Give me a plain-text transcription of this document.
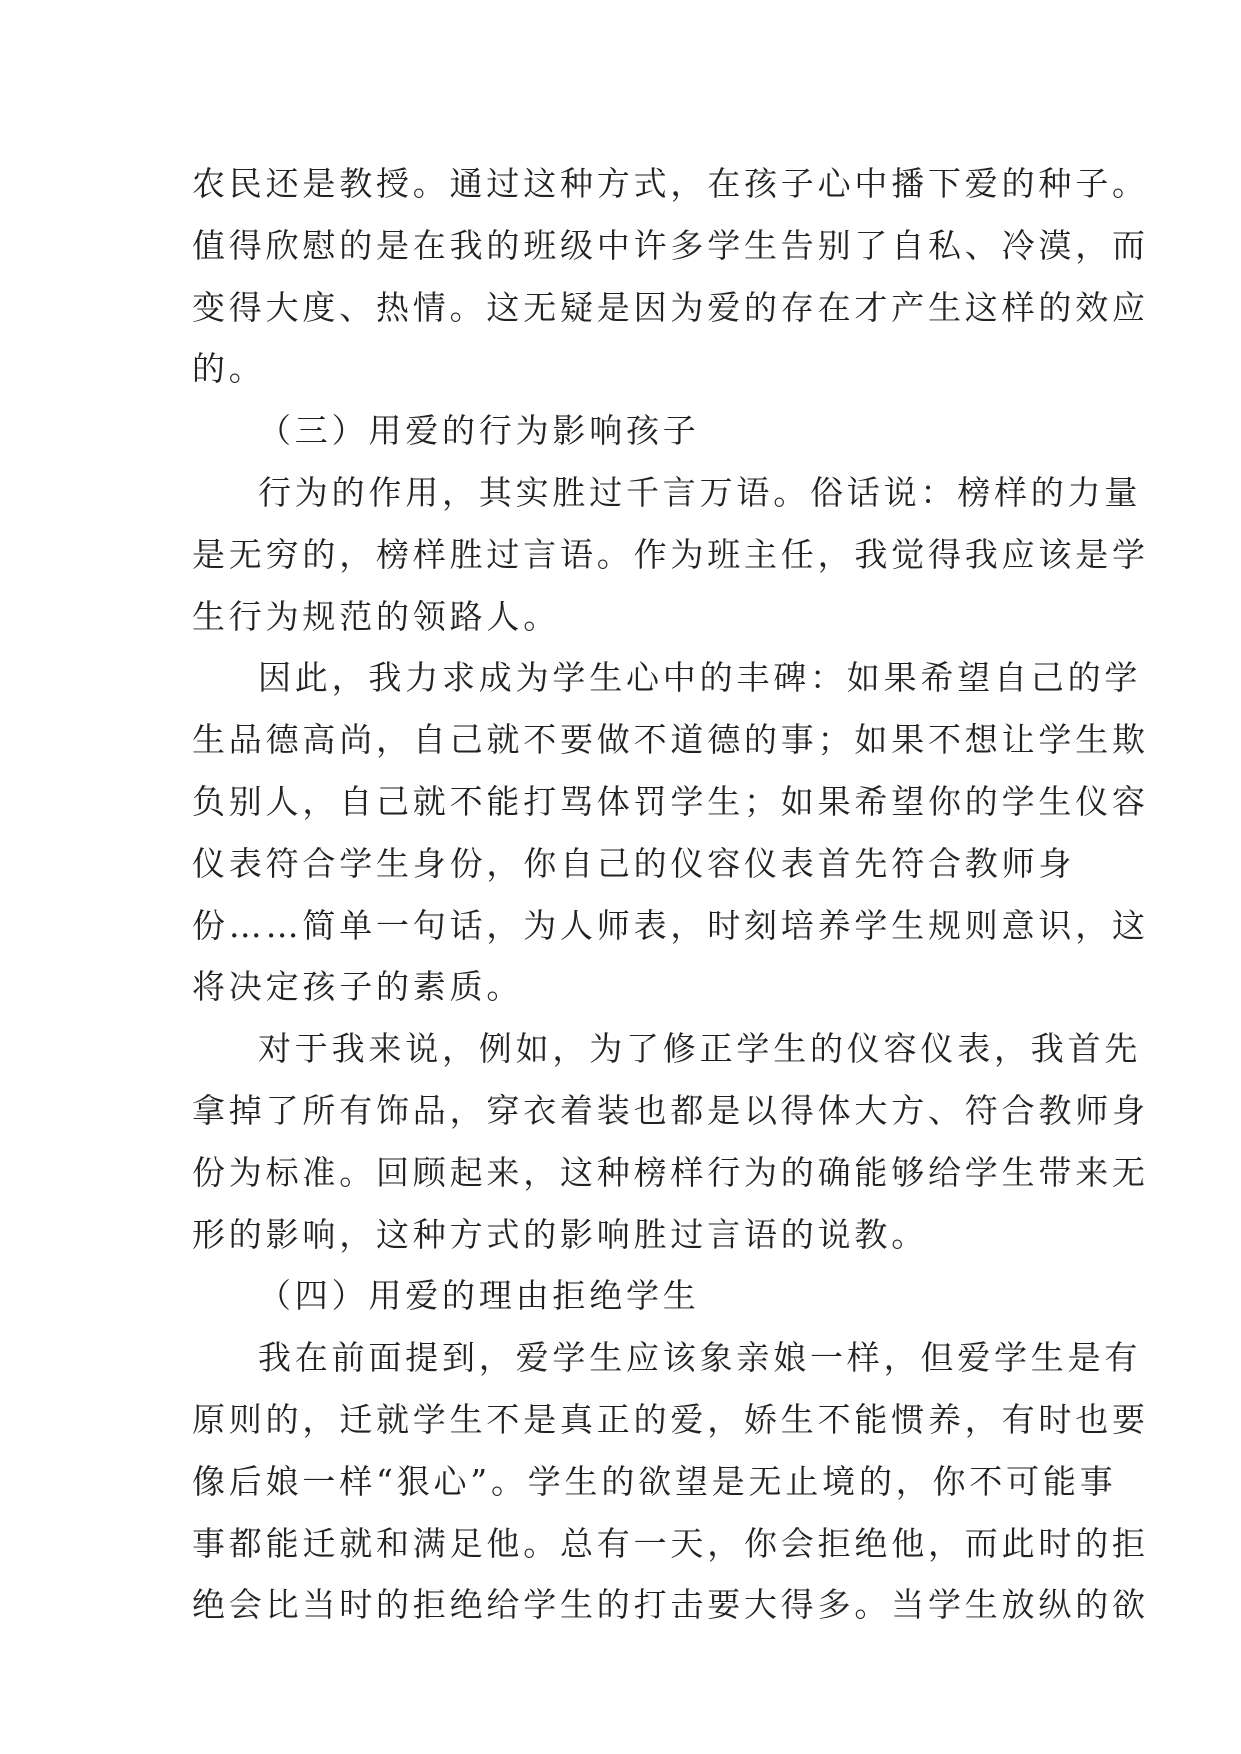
农民还是教授。通过这种方式，在孩子心中播下爱的种子。
值得欣慰的是在我的班级中许多学生告别了自私、冷漠，而
变得大度、热情。这无疑是因为爱的存在才产生这样的效应
的。
（三）用爱的行为影响孩子
行为的作用，其实胜过千言万语。俗话说：榜样的力量
是无穷的，榜样胜过言语。作为班主任，我觉得我应该是学
生行为规范的领路人。
因此，我力求成为学生心中的丰碑：如果希望自己的学
生品德高尚，自己就不要做不道德的事；如果不想让学生欺
负别人，自己就不能打骂体罚学生；如果希望你的学生仪容
仪表符合学生身份，你自己的仪容仪表首先符合教师身
份……简单一句话，为人师表，时刻培养学生规则意识，这
将决定孩子的素质。
对于我来说，例如，为了修正学生的仪容仪表，我首先
拿掉了所有饰品，穿衣着装也都是以得体大方、符合教师身
份为标准。回顾起来，这种榜样行为的确能够给学生带来无
形的影响，这种方式的影响胜过言语的说教。
（四）用爱的理由拒绝学生
我在前面提到，爱学生应该象亲娘一样，但爱学生是有
原则的，迁就学生不是真正的爱，娇生不能惯养，有时也要
像后娘一样“狠心”。学生的欲望是无止境的，你不可能事
事都能迁就和满足他。总有一天，你会拒绝他，而此时的拒
绝会比当时的拒绝给学生的打击要大得多。当学生放纵的欲
